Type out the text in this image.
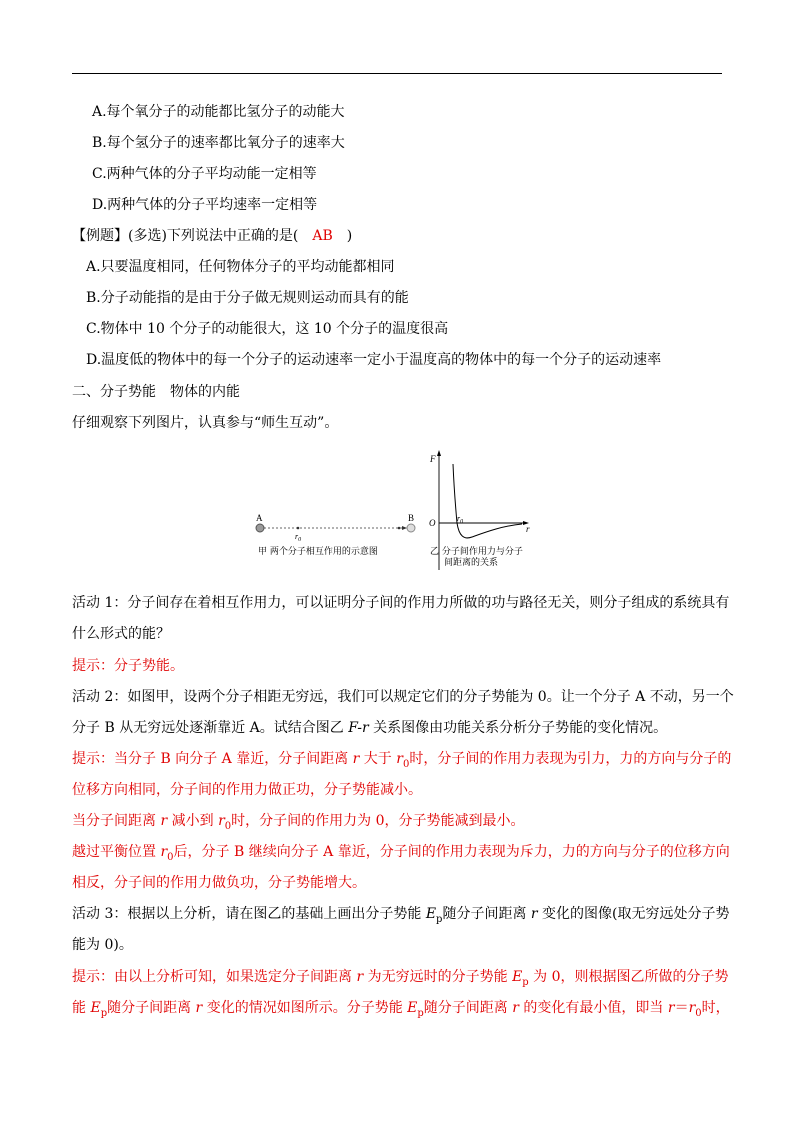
A.每个氧分子的动能都比氢分子的动能大
B.每个氢分子的速率都比氧分子的速率大
C.两种气体的分子平均动能一定相等
D.两种气体的分子平均速率一定相等
【例题】(多选)下列说法中正确的是( AB )
A.只要温度相同，任何物体分子的平均动能都相同
B.分子动能指的是由于分子做无规则运动而具有的能
C.物体中 10 个分子的动能很大，这 10 个分子的温度很高
D.温度低的物体中的每一个分子的运动速率一定小于温度高的物体中的每一个分子的运动速率
二、分子势能　物体的内能
仔细观察下列图片，认真参与“师生互动”。
A	B
$r_0$
甲 两个分子相互作用的示意图
F
r
O	$r_0$
乙 分子间作用力与分子
间距离的关系
活动 1：分子间存在着相互作用力，可以证明分子间的作用力所做的功与路径无关，则分子组成的系统具有
什么形式的能？
提示：分子势能。
活动 2：如图甲，设两个分子相距无穷远，我们可以规定它们的分子势能为 0。让一个分子 A 不动，另一个
分子 B 从无穷远处逐渐靠近 A。试结合图乙 F-r 关系图像由功能关系分析分子势能的变化情况。
提示：当分子 B 向分子 A 靠近，分子间距离 r 大于 $r_0$时，分子间的作用力表现为引力，力的方向与分子的
位移方向相同，分子间的作用力做正功，分子势能减小。
当分子间距离 r 减小到 $r_0$时，分子间的作用力为 0，分子势能减到最小。
越过平衡位置 $r_0$后，分子 B 继续向分子 A 靠近，分子间的作用力表现为斥力，力的方向与分子的位移方向
相反，分子间的作用力做负功，分子势能增大。
活动 3：根据以上分析，请在图乙的基础上画出分子势能 $E_p$随分子间距离 r 变化的图像(取无穷远处分子势
能为 0)。
提示：由以上分析可知，如果选定分子间距离 r 为无穷远时的分子势能 $E_p$ 为 0，则根据图乙所做的分子势
能 $E_p$随分子间距离 r 变化的情况如图所示。分子势能 $E_p$随分子间距离 r 的变化有最小值，即当 $r=r_0$时，
